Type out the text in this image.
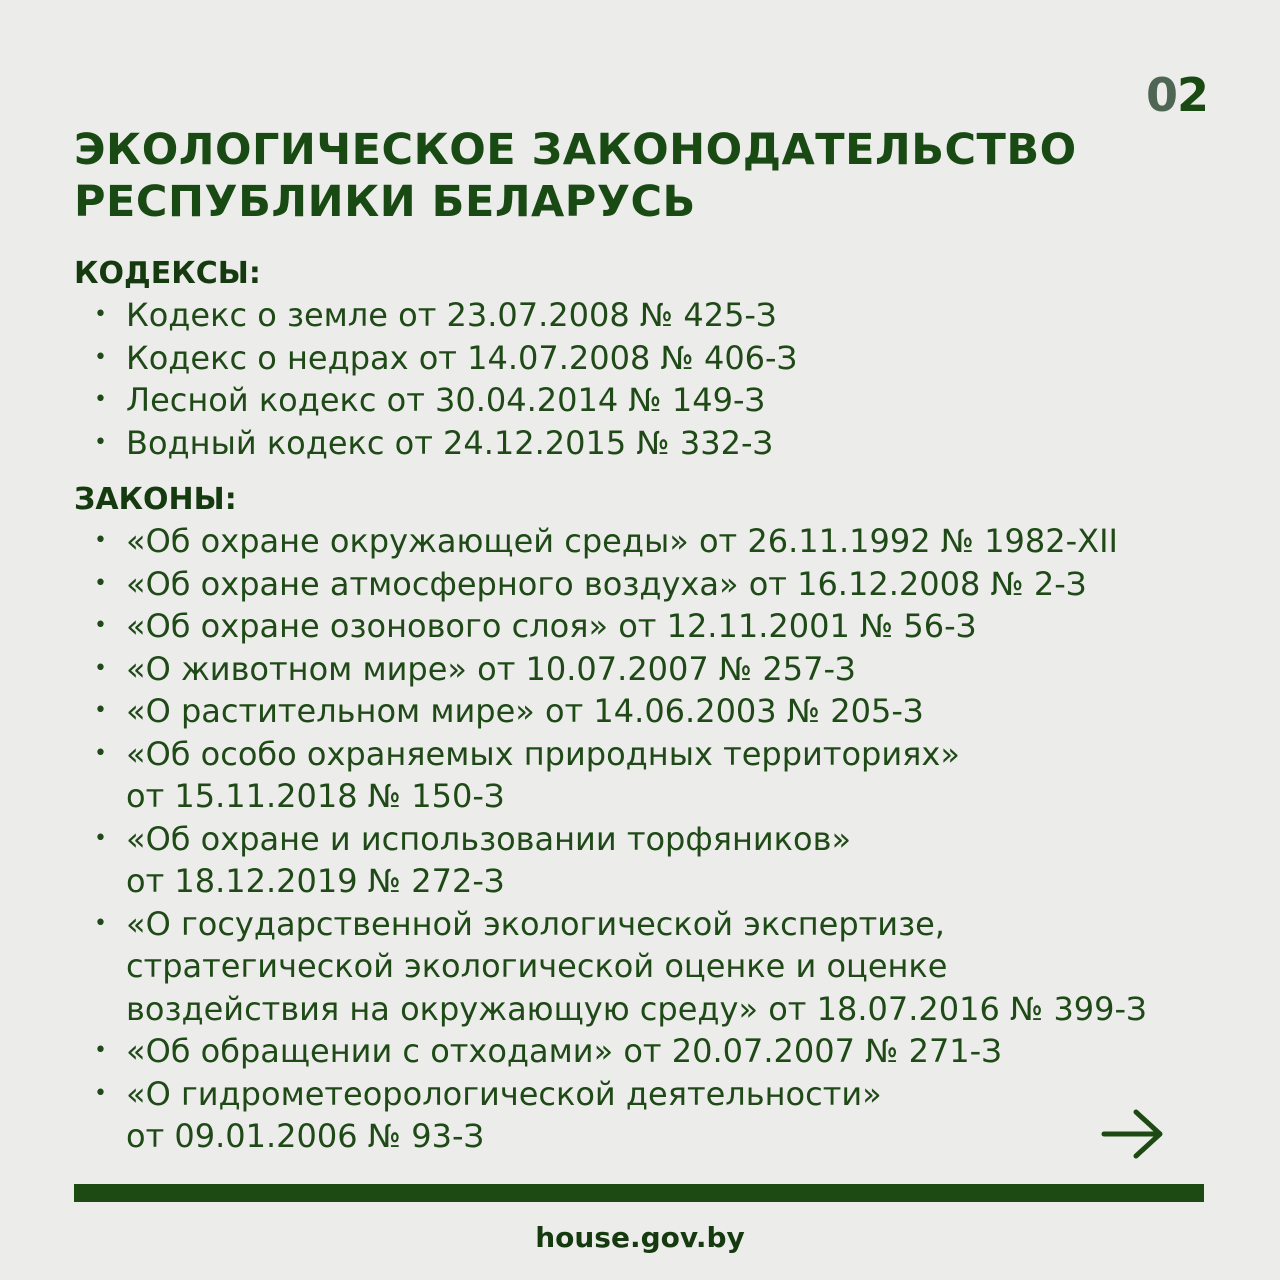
02
ЭКОЛОГИЧЕСКОЕ ЗАКОНОДАТЕЛЬСТВО
РЕСПУБЛИКИ БЕЛАРУСЬ
КОДЕКСЫ:
• Кодекс о земле от 23.07.2008 № 425-З
• Кодекс о недрах от 14.07.2008 № 406-З
• Лесной кодекс от 30.04.2014 № 149-З
• Водный кодекс от 24.12.2015 № 332-З
ЗАКОНЫ:
• «Об охране окружающей среды» от 26.11.1992 № 1982-XII
• «Об охране атмосферного воздуха» от 16.12.2008 № 2-З
• «Об охране озонового слоя» от 12.11.2001 № 56-З
• «О животном мире» от 10.07.2007 № 257-З
• «О растительном мире» от 14.06.2003 № 205-З
• «Об особо охраняемых природных территориях»
от 15.11.2018 № 150-З
• «Об охране и использовании торфяников»
от 18.12.2019 № 272-З
• «О государственной экологической экспертизе,
стратегической экологической оценке и оценке
воздействия на окружающую среду» от 18.07.2016 № 399-З
• «Об обращении с отходами» от 20.07.2007 № 271-З
• «О гидрометеорологической деятельности»
от 09.01.2006 № 93-З
house.gov.by
